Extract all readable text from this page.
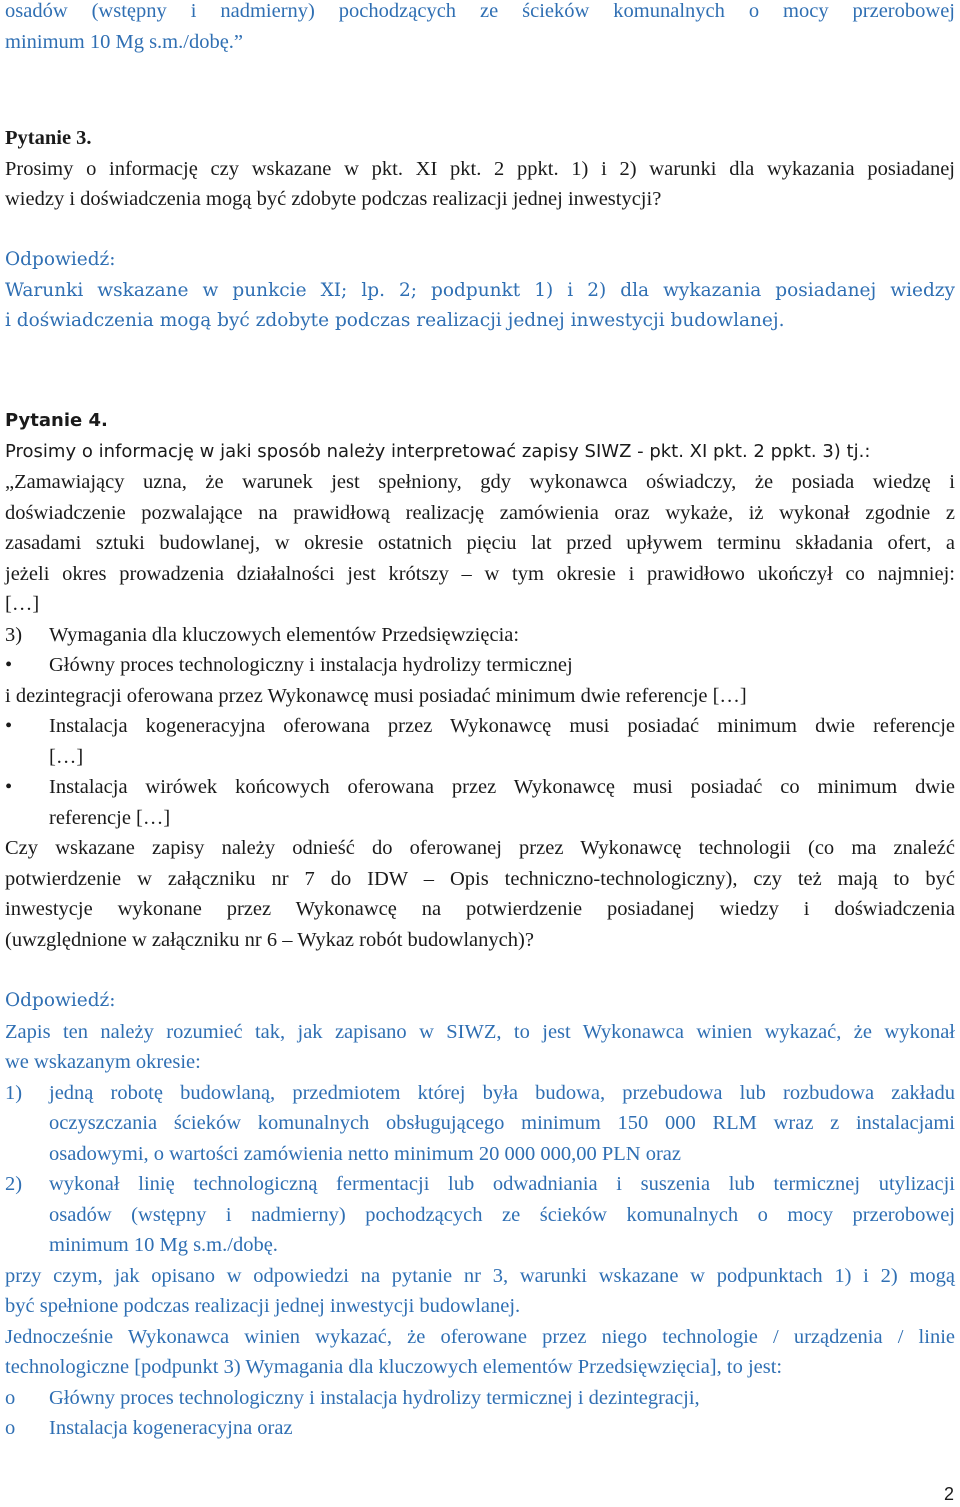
osadów (wstępny i nadmierny) pochodzących ze ścieków komunalnych o mocy przerobowej

minimum 10 Mg s.m./dobę.”

Pytanie 3.

Prosimy o informację czy wskazane w pkt. XI pkt. 2 ppkt. 1) i 2) warunki dla wykazania posiadanej

wiedzy i doświadczenia mogą być zdobyte podczas realizacji jednej inwestycji?

Odpowiedź:

Warunki wskazane w punkcie XI; lp. 2; podpunkt 1) i 2) dla wykazania posiadanej wiedzy

i doświadczenia mogą być zdobyte podczas realizacji jednej inwestycji budowlanej.

Pytanie 4.

Prosimy o informację w jaki sposób należy interpretować zapisy SIWZ - pkt. XI pkt. 2 ppkt. 3) tj.:

„Zamawiający uzna, że warunek jest spełniony, gdy wykonawca oświadczy, że posiada wiedzę i

doświadczenie pozwalające na prawidłową realizację zamówienia oraz wykaże, iż wykonał zgodnie z

zasadami sztuki budowlanej, w okresie ostatnich pięciu lat przed upływem terminu składania ofert, a

jeżeli okres prowadzenia działalności jest krótszy – w tym okresie i prawidłowo ukończył co najmniej:

[…]

3)	Wymagania dla kluczowych elementów Przedsięwzięcia:
•	Główny proces technologiczny i instalacja hydrolizy termicznej

i dezintegracji oferowana przez Wykonawcę musi posiadać minimum dwie referencje […]

•	Instalacja kogeneracyjna oferowana przez Wykonawcę musi posiadać minimum dwie referencje
[…]
•	Instalacja wirówek końcowych oferowana przez Wykonawcę musi posiadać co minimum dwie
referencje […]

Czy wskazane zapisy należy odnieść do oferowanej przez Wykonawcę technologii (co ma znaleźć

potwierdzenie w załączniku nr 7 do IDW – Opis techniczno-technologiczny), czy też mają to być

inwestycje wykonane przez Wykonawcę na potwierdzenie posiadanej wiedzy i doświadczenia

(uwzględnione w załączniku nr 6 – Wykaz robót budowlanych)?

Odpowiedź:

Zapis ten należy rozumieć tak, jak zapisano w SIWZ, to jest Wykonawca winien wykazać, że wykonał

we wskazanym okresie:

1)	jedną robotę budowlaną, przedmiotem której była budowa, przebudowa lub rozbudowa zakładu
oczyszczania ścieków komunalnych obsługującego minimum 150 000 RLM wraz z instalacjami
osadowymi, o wartości zamówienia netto minimum 20 000 000,00 PLN oraz
2)	wykonał linię technologiczną fermentacji lub odwadniania i suszenia lub termicznej utylizacji
osadów (wstępny i nadmierny) pochodzących ze ścieków komunalnych o mocy przerobowej
minimum 10 Mg s.m./dobę.

przy czym, jak opisano w odpowiedzi na pytanie nr 3, warunki wskazane w podpunktach 1) i 2) mogą

być spełnione podczas realizacji jednej inwestycji budowlanej.

Jednocześnie Wykonawca winien wykazać, że oferowane przez niego technologie / urządzenia / linie

technologiczne [podpunkt 3) Wymagania dla kluczowych elementów Przedsięwzięcia], to jest:

o	Główny proces technologiczny i instalacja hydrolizy termicznej i dezintegracji,
o	Instalacja kogeneracyjna oraz
2
